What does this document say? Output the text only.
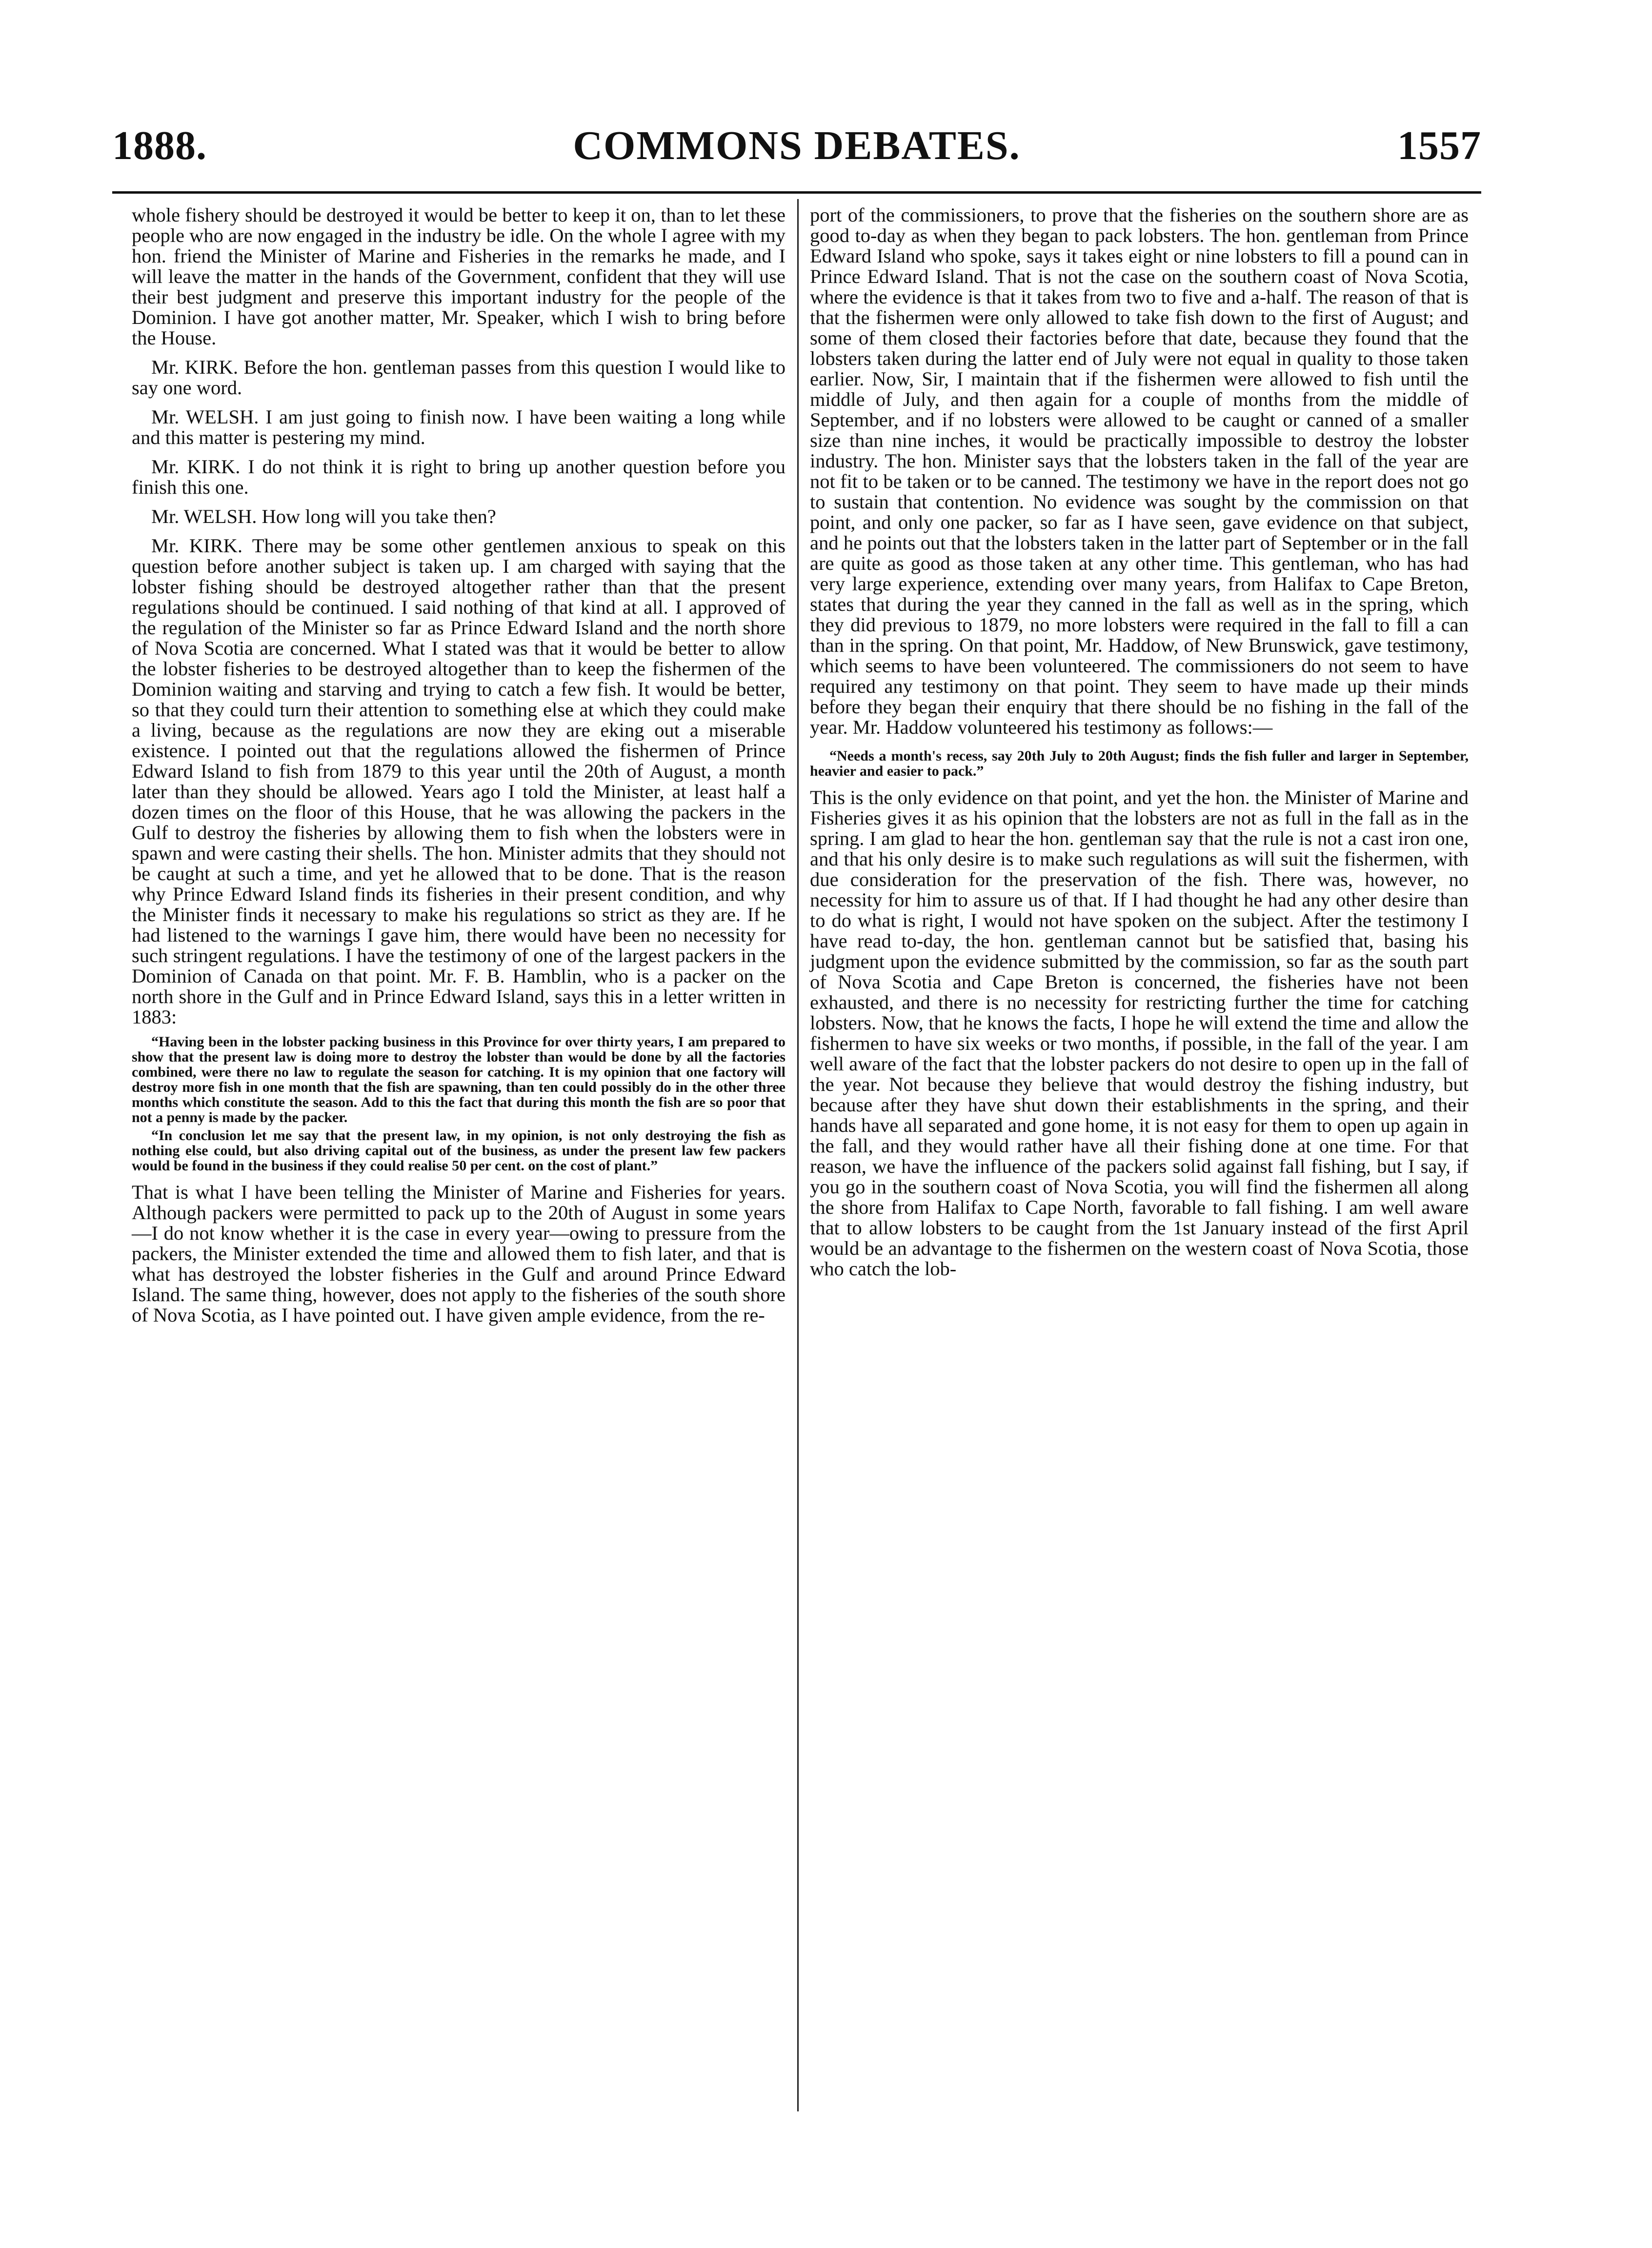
1888.	COMMONS DEBATES.	1557

whole fishery should be destroyed it would be better to keep it on, than to let these people who are now engaged in the industry be idle. On the whole I agree with my hon. friend the Minister of Marine and Fisheries in the remarks he made, and I will leave the matter in the hands of the Government, confident that they will use their best judgment and preserve this important industry for the people of the Dominion. I have got another matter, Mr. Speaker, which I wish to bring before the House.

Mr. KIRK. Before the hon. gentleman passes from this question I would like to say one word.

Mr. WELSH. I am just going to finish now. I have been waiting a long while and this matter is pestering my mind.

Mr. KIRK. I do not think it is right to bring up another question before you finish this one.

Mr. WELSH. How long will you take then?

Mr. KIRK. There may be some other gentlemen anxious to speak on this question before another subject is taken up. I am charged with saying that the lobster fishing should be destroyed altogether rather than that the present regulations should be continued. I said nothing of that kind at all. I approved of the regulation of the Minister so far as Prince Edward Island and the north shore of Nova Scotia are concerned. What I stated was that it would be better to allow the lobster fisheries to be destroyed altogether than to keep the fishermen of the Dominion waiting and starving and trying to catch a few fish. It would be better, so that they could turn their attention to something else at which they could make a living, because as the regulations are now they are eking out a miserable existence. I pointed out that the regulations allowed the fishermen of Prince Edward Island to fish from 1879 to this year until the 20th of August, a month later than they should be allowed. Years ago I told the Minister, at least half a dozen times on the floor of this House, that he was allowing the packers in the Gulf to destroy the fisheries by allowing them to fish when the lobsters were in spawn and were casting their shells. The hon. Minister admits that they should not be caught at such a time, and yet he allowed that to be done. That is the reason why Prince Edward Island finds its fisheries in their present condition, and why the Minister finds it necessary to make his regulations so strict as they are. If he had listened to the warnings I gave him, there would have been no necessity for such stringent regulations. I have the testimony of one of the largest packers in the Dominion of Canada on that point. Mr. F. B. Hamblin, who is a packer on the north shore in the Gulf and in Prince Edward Island, says this in a letter written in 1883:

“Having been in the lobster packing business in this Province for over thirty years, I am prepared to show that the present law is doing more to destroy the lobster than would be done by all the factories combined, were there no law to regulate the season for catching. It is my opinion that one factory will destroy more fish in one month that the fish are spawning, than ten could possibly do in the other three months which constitute the season. Add to this the fact that during this month the fish are so poor that not a penny is made by the packer.

“In conclusion let me say that the present law, in my opinion, is not only destroying the fish as nothing else could, but also driving capital out of the business, as under the present law few packers would be found in the business if they could realise 50 per cent. on the cost of plant.”

That is what I have been telling the Minister of Marine and Fisheries for years. Although packers were permitted to pack up to the 20th of August in some years—I do not know whether it is the case in every year—owing to pressure from the packers, the Minister extended the time and allowed them to fish later, and that is what has destroyed the lobster fisheries in the Gulf and around Prince Edward Island. The same thing, however, does not apply to the fisheries of the south shore of Nova Scotia, as I have pointed out. I have given ample evidence, from the re-

port of the commissioners, to prove that the fisheries on the southern shore are as good to-day as when they began to pack lobsters. The hon. gentleman from Prince Edward Island who spoke, says it takes eight or nine lobsters to fill a pound can in Prince Edward Island. That is not the case on the southern coast of Nova Scotia, where the evidence is that it takes from two to five and a-half. The reason of that is that the fishermen were only allowed to take fish down to the first of August; and some of them closed their factories before that date, because they found that the lobsters taken during the latter end of July were not equal in quality to those taken earlier. Now, Sir, I maintain that if the fishermen were allowed to fish until the middle of July, and then again for a couple of months from the middle of September, and if no lobsters were allowed to be caught or canned of a smaller size than nine inches, it would be practically impossible to destroy the lobster industry. The hon. Minister says that the lobsters taken in the fall of the year are not fit to be taken or to be canned. The testimony we have in the report does not go to sustain that contention. No evidence was sought by the commission on that point, and only one packer, so far as I have seen, gave evidence on that subject, and he points out that the lobsters taken in the latter part of September or in the fall are quite as good as those taken at any other time. This gentleman, who has had very large experience, extending over many years, from Halifax to Cape Breton, states that during the year they canned in the fall as well as in the spring, which they did previous to 1879, no more lobsters were required in the fall to fill a can than in the spring. On that point, Mr. Haddow, of New Brunswick, gave testimony, which seems to have been volunteered. The commissioners do not seem to have required any testimony on that point. They seem to have made up their minds before they began their enquiry that there should be no fishing in the fall of the year. Mr. Haddow volunteered his testimony as follows:—

“Needs a month's recess, say 20th July to 20th August; finds the fish fuller and larger in September, heavier and easier to pack.”

This is the only evidence on that point, and yet the hon. the Minister of Marine and Fisheries gives it as his opinion that the lobsters are not as full in the fall as in the spring. I am glad to hear the hon. gentleman say that the rule is not a cast iron one, and that his only desire is to make such regulations as will suit the fishermen, with due consideration for the preservation of the fish. There was, however, no necessity for him to assure us of that. If I had thought he had any other desire than to do what is right, I would not have spoken on the subject. After the testimony I have read to-day, the hon. gentleman cannot but be satisfied that, basing his judgment upon the evidence submitted by the commission, so far as the south part of Nova Scotia and Cape Breton is concerned, the fisheries have not been exhausted, and there is no necessity for restricting further the time for catching lobsters. Now, that he knows the facts, I hope he will extend the time and allow the fishermen to have six weeks or two months, if possible, in the fall of the year. I am well aware of the fact that the lobster packers do not desire to open up in the fall of the year. Not because they believe that would destroy the fishing industry, but because after they have shut down their establishments in the spring, and their hands have all separated and gone home, it is not easy for them to open up again in the fall, and they would rather have all their fishing done at one time. For that reason, we have the influence of the packers solid against fall fishing, but I say, if you go in the southern coast of Nova Scotia, you will find the fishermen all along the shore from Halifax to Cape North, favorable to fall fishing. I am well aware that to allow lobsters to be caught from the 1st January instead of the first April would be an advantage to the fishermen on the western coast of Nova Scotia, those who catch the lob-
